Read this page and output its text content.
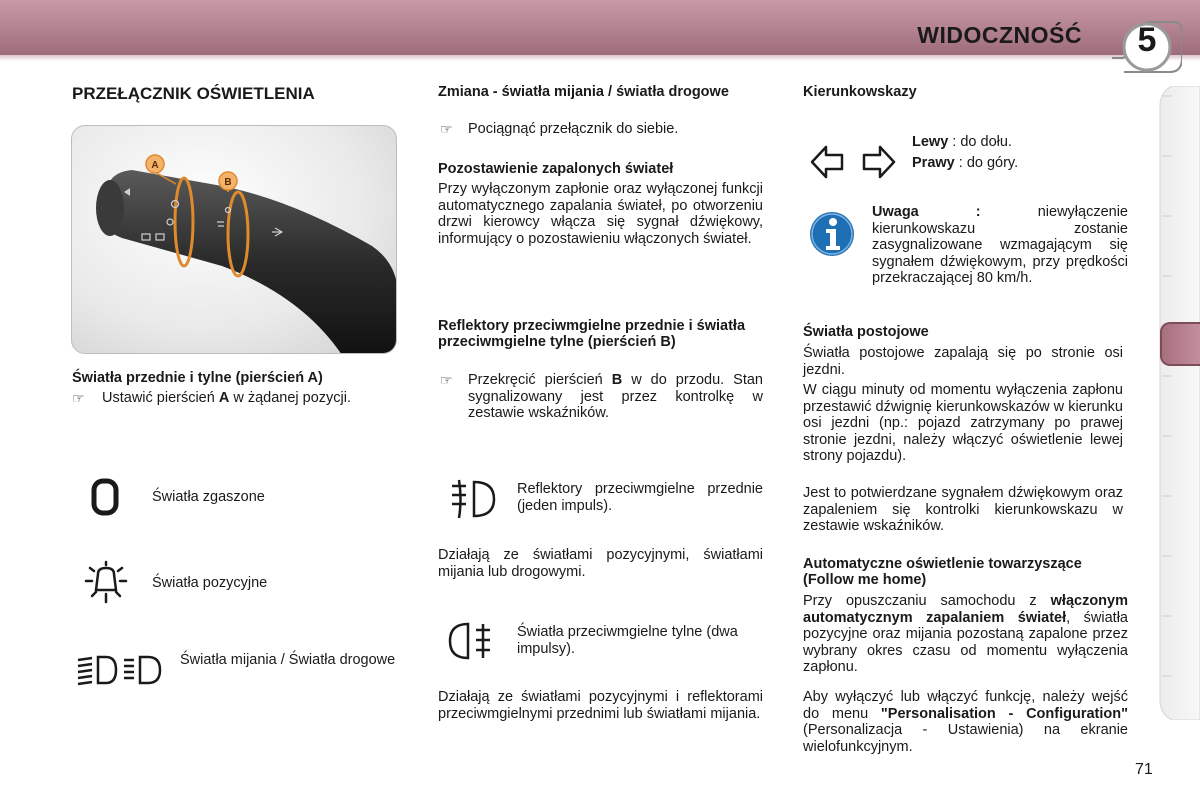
WIDOCZNOŚĆ	5
PRZEŁĄCZNIK OŚWIETLENIA
A
B
Światła przednie i tylne (pierścień A)
☞ Ustawić pierścień A w żądanej pozycji.
Światła zgaszone
Światła pozycyjne
Światła mijania / Światła drogowe
Zmiana - światła mijania / światła drogowe
☞ Pociągnąć przełącznik do siebie.
Pozostawienie zapalonych świateł
Przy wyłączonym zapłonie oraz wyłączonej funkcji automatycznego zapalania świateł, po otworzeniu drzwi kierowcy włącza się sygnał dźwiękowy, informujący o pozostawieniu włączonych świateł.
Reflektory przeciwmgielne przednie i światła przeciwmgielne tylne (pierścień B)
☞ Przekręcić pierścień B w do przodu. Stan sygnalizowany jest przez kontrolkę w zestawie wskaźników.
Reflektory przeciwmgielne przednie (jeden impuls).
Działają ze światłami pozycyjnymi, światłami mijania lub drogowymi.
Światła przeciwmgielne tylne (dwa impulsy).
Działają ze światłami pozycyjnymi i reflektorami przeciwmgielnymi przednimi lub światłami mijania.
Kierunkowskazy
Lewy : do dołu.
Prawy : do góry.
Uwaga : niewyłączenie kierunkowskazu zostanie zasygnalizowane wzmagającym się sygnałem dźwiękowym, przy prędkości przekraczającej 80 km/h.
Światła postojowe
Światła postojowe zapalają się po stronie osi jezdni.
W ciągu minuty od momentu wyłączenia zapłonu przestawić dźwignię kierunkowskazów w kierunku osi jezdni (np.: pojazd zatrzymany po prawej stronie jezdni, należy włączyć oświetlenie lewej strony pojazdu).
Jest to potwierdzane sygnałem dźwiękowym oraz zapaleniem się kontrolki kierunkowskazu w zestawie wskaźników.
Automatyczne oświetlenie towarzyszące (Follow me home)
Przy opuszczaniu samochodu z włączonym automatycznym zapalaniem świateł, światła pozycyjne oraz mijania pozostaną zapalone przez wybrany okres czasu od momentu wyłączenia zapłonu.
Aby wyłączyć lub włączyć funkcję, należy wejść do menu "Personalisation - Configuration" (Personalizacja - Ustawienia) na ekranie wielofunkcyjnym.
71
